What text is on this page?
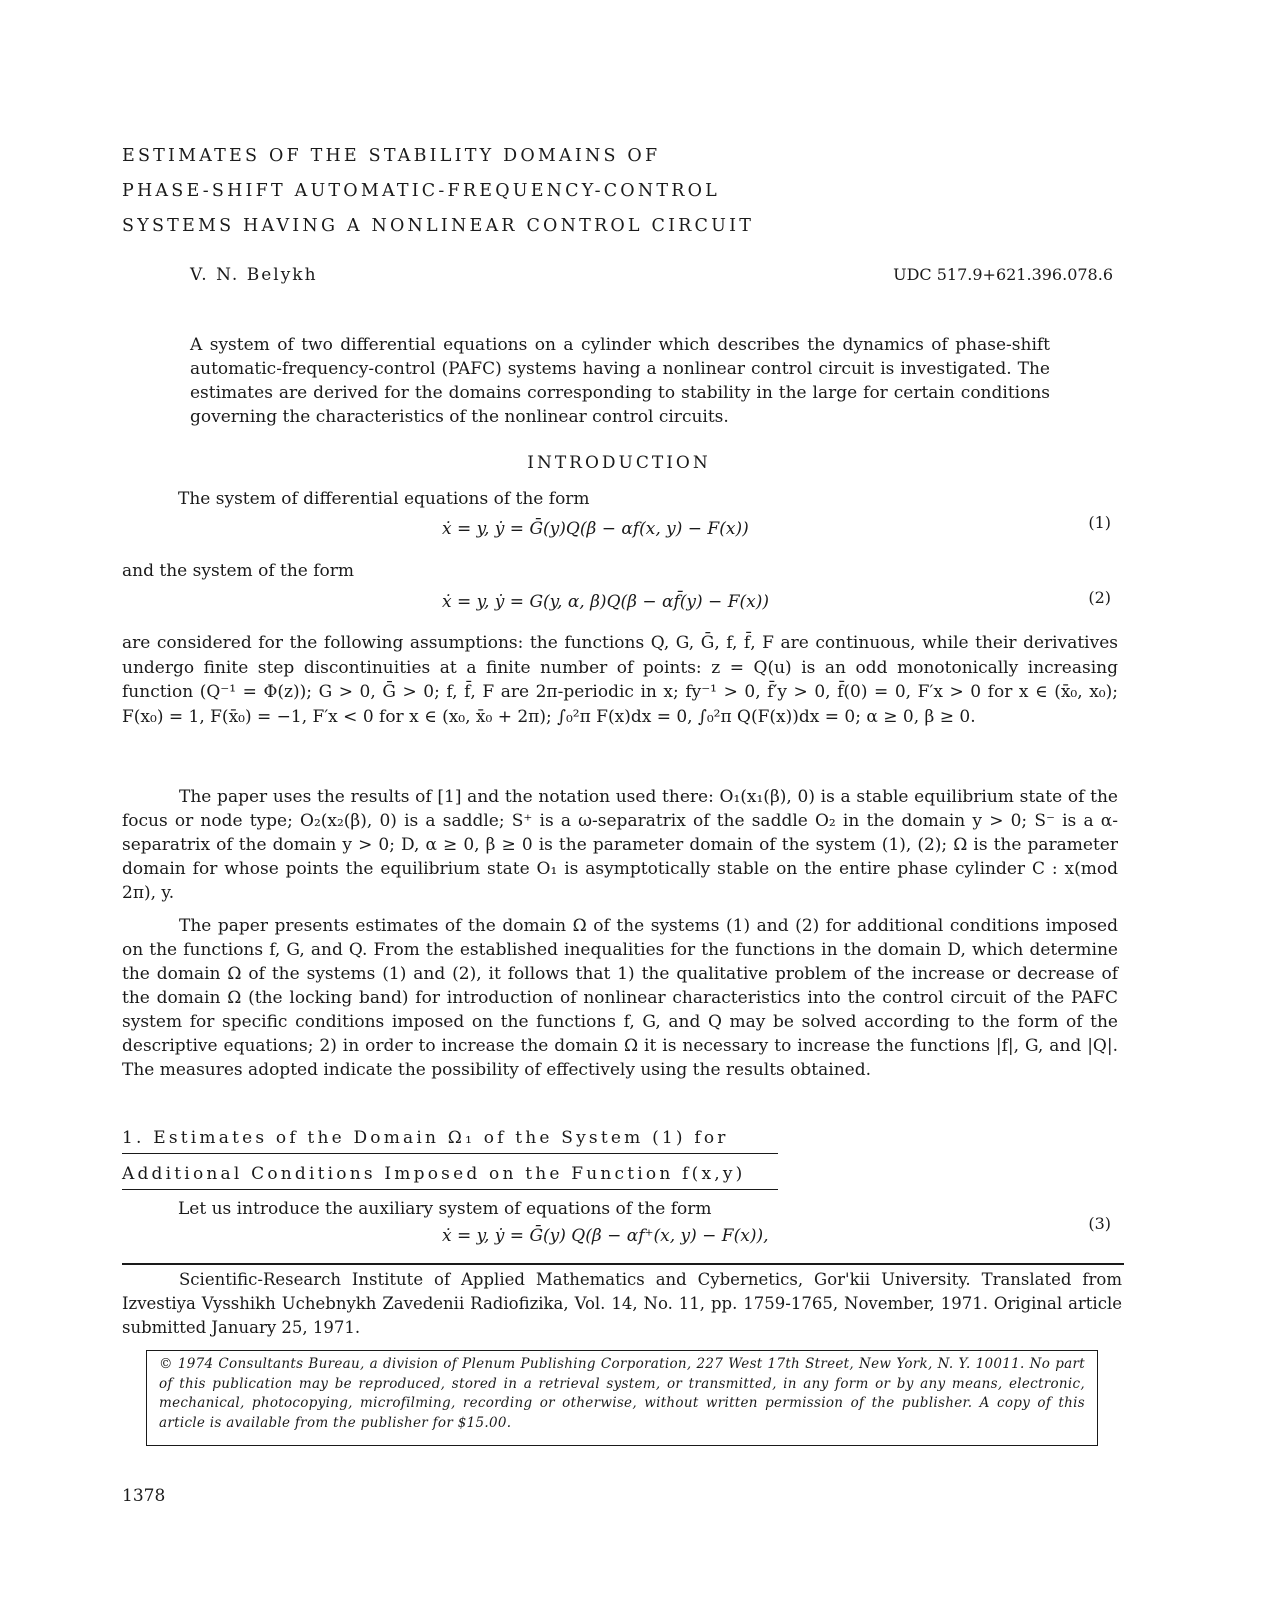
ESTIMATES OF THE STABILITY DOMAINS OF
PHASE-SHIFT AUTOMATIC-FREQUENCY-CONTROL
SYSTEMS HAVING A NONLINEAR CONTROL CIRCUIT
V. N. Belykh	UDC 517.9+621.396.078.6
A system of two differential equations on a cylinder which describes the dynamics of phase-shift automatic-frequency-control (PAFC) systems having a nonlinear control circuit is investigated. The estimates are derived for the domains corresponding to stability in the large for certain conditions governing the characteristics of the nonlinear control circuits.
INTRODUCTION
The system of differential equations of the form
ẋ = y, ẏ = Ḡ(y)Q(β − αf(x, y) − F(x))	(1)
and the system of the form
ẋ = y, ẏ = G(y, α, β)Q(β − αf̄(y) − F(x))	(2)
are considered for the following assumptions: the functions Q, G, Ḡ, f, f̄, F are continuous, while their derivatives undergo finite step discontinuities at a finite number of points: z = Q(u) is an odd monotonically increasing function (Q⁻¹ = Φ(z)); G > 0, Ḡ > 0; f, f̄, F are 2π-periodic in x; fy⁻¹ > 0, f̄′y > 0, f̄(0) = 0, F′x > 0 for x ∈ (x̄₀, x₀); F(x₀) = 1, F(x̄₀) = −1, F′x < 0 for x ∈ (x₀, x̄₀ + 2π); ∫₀²π F(x)dx = 0, ∫₀²π Q(F(x))dx = 0; α ≥ 0, β ≥ 0.
The paper uses the results of [1] and the notation used there: O₁(x₁(β), 0) is a stable equilibrium state of the focus or node type; O₂(x₂(β), 0) is a saddle; S⁺ is a ω-separatrix of the saddle O₂ in the domain y > 0; S⁻ is a α-separatrix of the domain y > 0; D, α ≥ 0, β ≥ 0 is the parameter domain of the system (1), (2); Ω is the parameter domain for whose points the equilibrium state O₁ is asymptotically stable on the entire phase cylinder C : x(mod 2π), y.
The paper presents estimates of the domain Ω of the systems (1) and (2) for additional conditions imposed on the functions f, G, and Q. From the established inequalities for the functions in the domain D, which determine the domain Ω of the systems (1) and (2), it follows that 1) the qualitative problem of the increase or decrease of the domain Ω (the locking band) for introduction of nonlinear characteristics into the control circuit of the PAFC system for specific conditions imposed on the functions f, G, and Q may be solved according to the form of the descriptive equations; 2) in order to increase the domain Ω it is necessary to increase the functions |f|, G, and |Q|. The measures adopted indicate the possibility of effectively using the results obtained.
1. Estimates of the Domain Ω₁ of the System (1) for
Additional Conditions Imposed on the Function f(x,y)
Let us introduce the auxiliary system of equations of the form
ẋ = y, ẏ = Ḡ(y) Q(β − αf⁺(x, y) − F(x)),
(3)
Scientific-Research Institute of Applied Mathematics and Cybernetics, Gor'kii University. Translated from Izvestiya Vysshikh Uchebnykh Zavedenii Radiofizika, Vol. 14, No. 11, pp. 1759-1765, November, 1971. Original article submitted January 25, 1971.

© 1974 Consultants Bureau, a division of Plenum Publishing Corporation, 227 West 17th Street, New York, N. Y. 10011. No part of this publication may be reproduced, stored in a retrieval system, or transmitted, in any form or by any means, electronic, mechanical, photocopying, microfilming, recording or otherwise, without written permission of the publisher. A copy of this article is available from the publisher for $15.00.

1378
